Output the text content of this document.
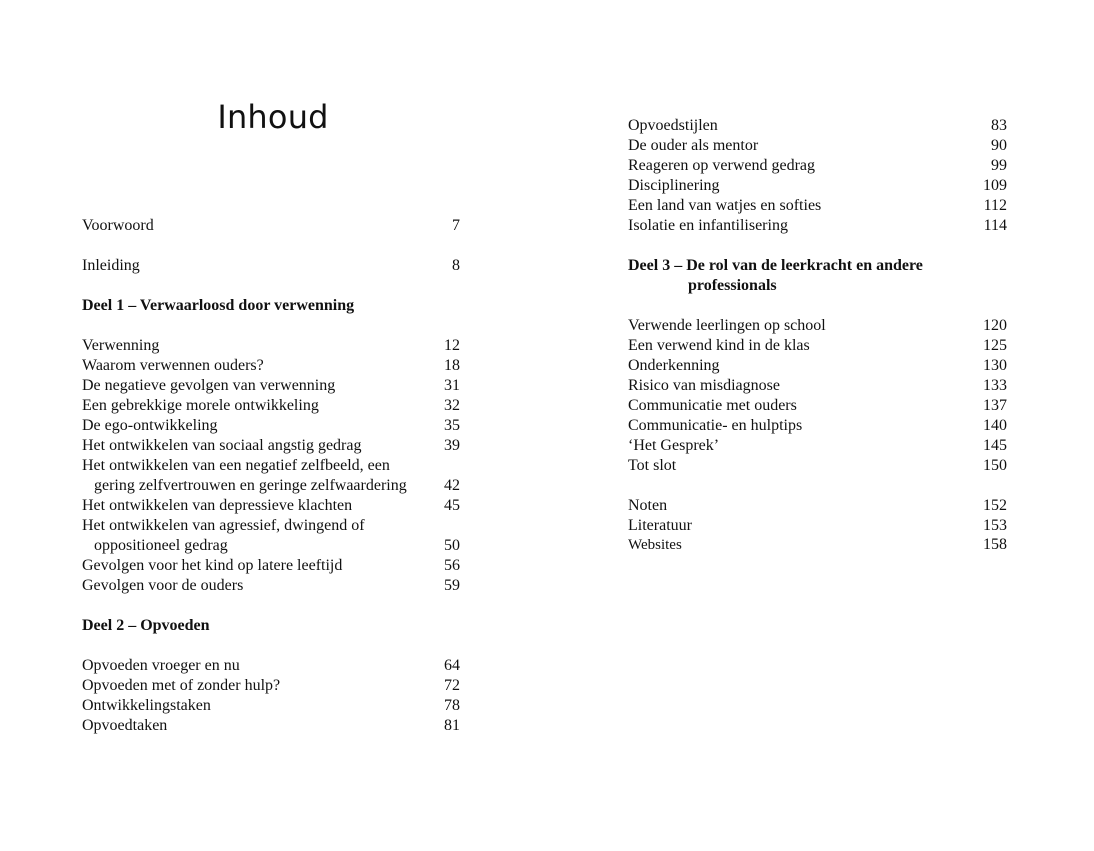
Inhoud
Voorwoord	7
Inleiding	8
Deel 1 – Verwaarloosd door verwenning
Verwenning	12
Waarom verwennen ouders?	18
De negatieve gevolgen van verwenning	31
Een gebrekkige morele ontwikkeling	32
De ego-ontwikkeling	35
Het ontwikkelen van sociaal angstig gedrag	39
Het ontwikkelen van een negatief zelfbeeld, een
gering zelfvertrouwen en geringe zelfwaardering	42
Het ontwikkelen van depressieve klachten	45
Het ontwikkelen van agressief, dwingend of
oppositioneel gedrag	50
Gevolgen voor het kind op latere leeftijd	56
Gevolgen voor de ouders	59
Deel 2 – Opvoeden
Opvoeden vroeger en nu	64
Opvoeden met of zonder hulp?	72
Ontwikkelingstaken	78
Opvoedtaken	81
Opvoedstijlen	83
De ouder als mentor	90
Reageren op verwend gedrag	99
Disciplinering	109
Een land van watjes en softies	112
Isolatie en infantilisering	114
Deel 3 – De rol van de leerkracht en andere
professionals
Verwende leerlingen op school	120
Een verwend kind in de klas	125
Onderkenning	130
Risico van misdiagnose	133
Communicatie met ouders	137
Communicatie- en hulptips	140
‘Het Gesprek’	145
Tot slot	150
Noten	152
Literatuur	153
Websites	158
